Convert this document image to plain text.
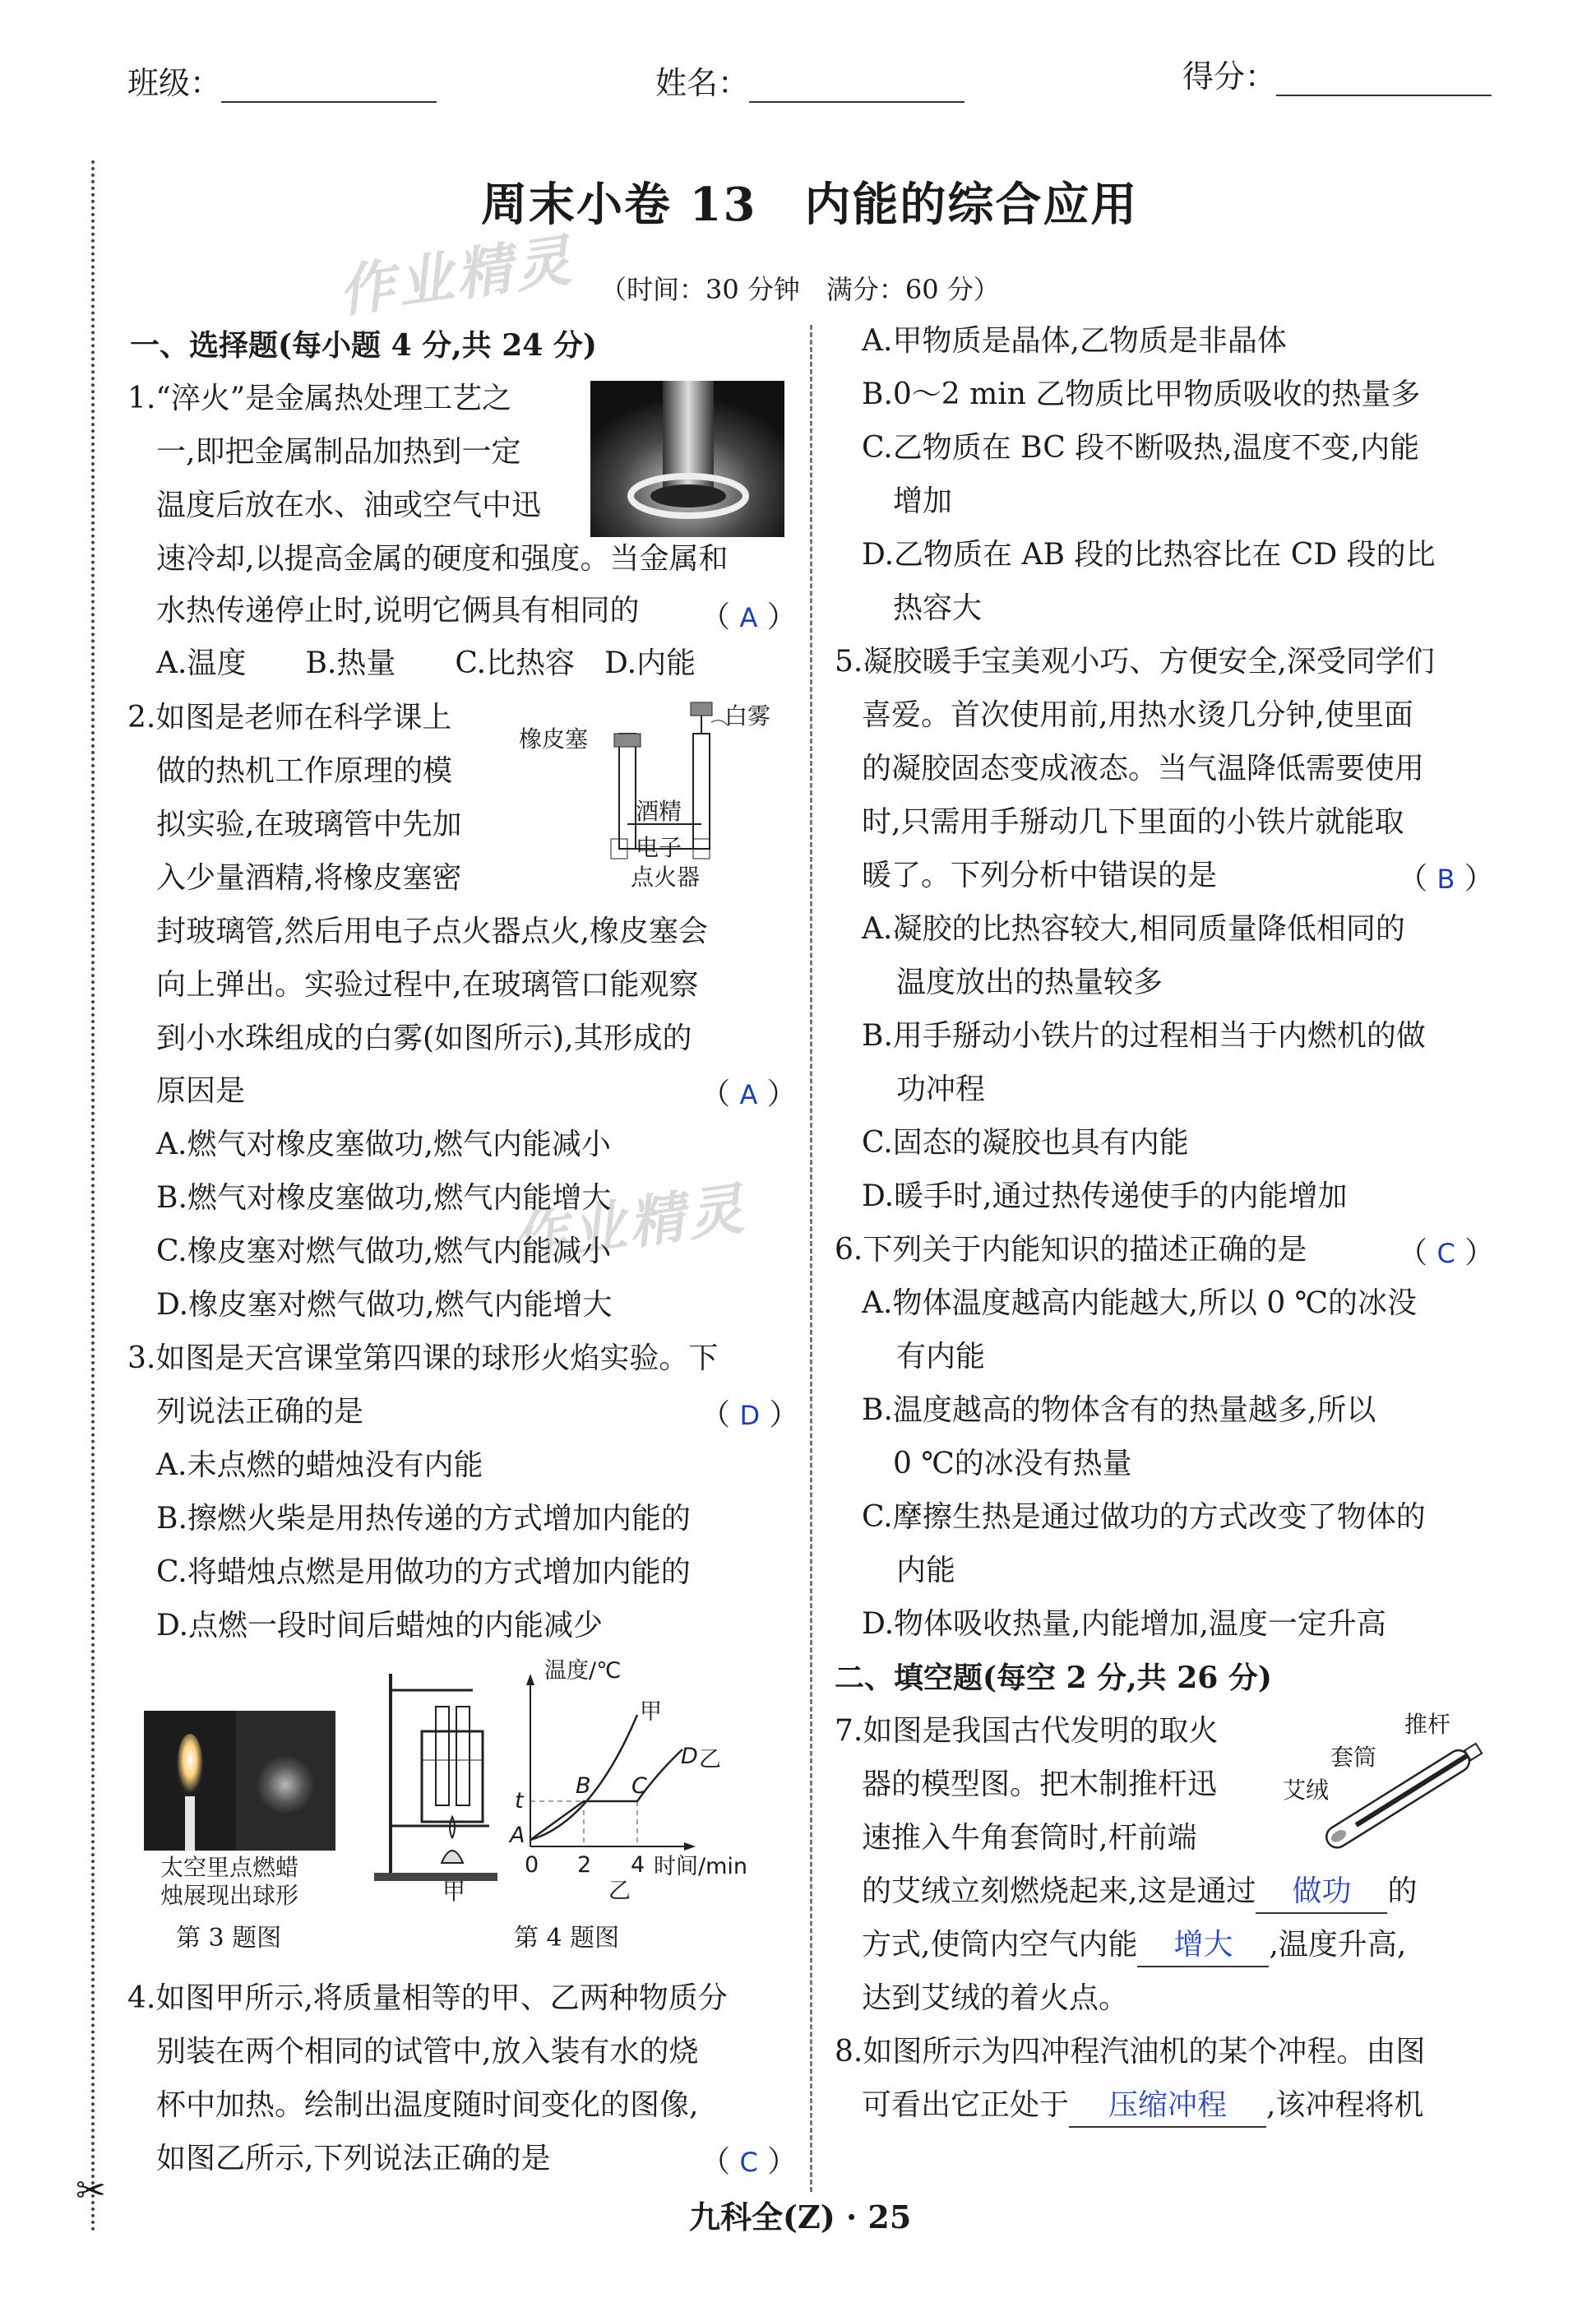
班级：	姓名：	得分：
✂
周末小卷 13　内能的综合应用
（时间：30 分钟　满分：60 分）
作业精灵
作业精灵
一、选择题(每小题 4 分,共 24 分)
1.“淬火”是金属热处理工艺之
一,即把金属制品加热到一定
温度后放在水、油或空气中迅
速冷却,以提高金属的硬度和强度。当金属和
水热传递停止时,说明它俩具有相同的 （ A ）
A.温度　　B.热量　　C.比热容　D.内能
2.如图是老师在科学课上
做的热机工作原理的模
拟实验,在玻璃管中先加
入少量酒精,将橡皮塞密
封玻璃管,然后用电子点火器点火,橡皮塞会
向上弹出。实验过程中,在玻璃管口能观察
到小水珠组成的白雾(如图所示),其形成的
原因是	（ A ）
A.燃气对橡皮塞做功,燃气内能减小
B.燃气对橡皮塞做功,燃气内能增大
C.橡皮塞对燃气做功,燃气内能减小
D.橡皮塞对燃气做功,燃气内能增大
橡皮塞
白雾
酒精
电子
点火器
3.如图是天宫课堂第四课的球形火焰实验。下
列说法正确的是	（ D ）
A.未点燃的蜡烛没有内能
B.擦燃火柴是用热传递的方式增加内能的
C.将蜡烛点燃是用做功的方式增加内能的
D.点燃一段时间后蜡烛的内能减少
太空里点燃蜡
烛展现出球形
第 3 题图
甲
温度/℃
甲
D 乙
B C
t
A
0 2 4 时间/min
乙
第 4 题图
4.如图甲所示,将质量相等的甲、乙两种物质分
别装在两个相同的试管中,放入装有水的烧
杯中加热。绘制出温度随时间变化的图像,
如图乙所示,下列说法正确的是	（ C ）
A.甲物质是晶体,乙物质是非晶体
B.0～2 min 乙物质比甲物质吸收的热量多
C.乙物质在 BC 段不断吸热,温度不变,内能
增加
D.乙物质在 AB 段的比热容比在 CD 段的比
热容大
5.凝胶暖手宝美观小巧、方便安全,深受同学们
喜爱。首次使用前,用热水烫几分钟,使里面
的凝胶固态变成液态。当气温降低需要使用
时,只需用手掰动几下里面的小铁片就能取
暖了。下列分析中错误的是	（ B ）
A.凝胶的比热容较大,相同质量降低相同的
温度放出的热量较多
B.用手掰动小铁片的过程相当于内燃机的做
功冲程
C.固态的凝胶也具有内能
D.暖手时,通过热传递使手的内能增加
6.下列关于内能知识的描述正确的是	（ C ）
A.物体温度越高内能越大,所以 0 ℃的冰没
有内能
B.温度越高的物体含有的热量越多,所以
0 ℃的冰没有热量
C.摩擦生热是通过做功的方式改变了物体的
内能
D.物体吸收热量,内能增加,温度一定升高
二、填空题(每空 2 分,共 26 分)
7.如图是我国古代发明的取火
器的模型图。把木制推杆迅
速推入牛角套筒时,杆前端
的艾绒立刻燃烧起来,这是通过 做功 的
方式,使筒内空气内能 增大 ,温度升高,
达到艾绒的着火点。
推杆
套筒
艾绒
8.如图所示为四冲程汽油机的某个冲程。由图
可看出它正处于 压缩冲程 ,该冲程将机
九科全(Z) · 25
